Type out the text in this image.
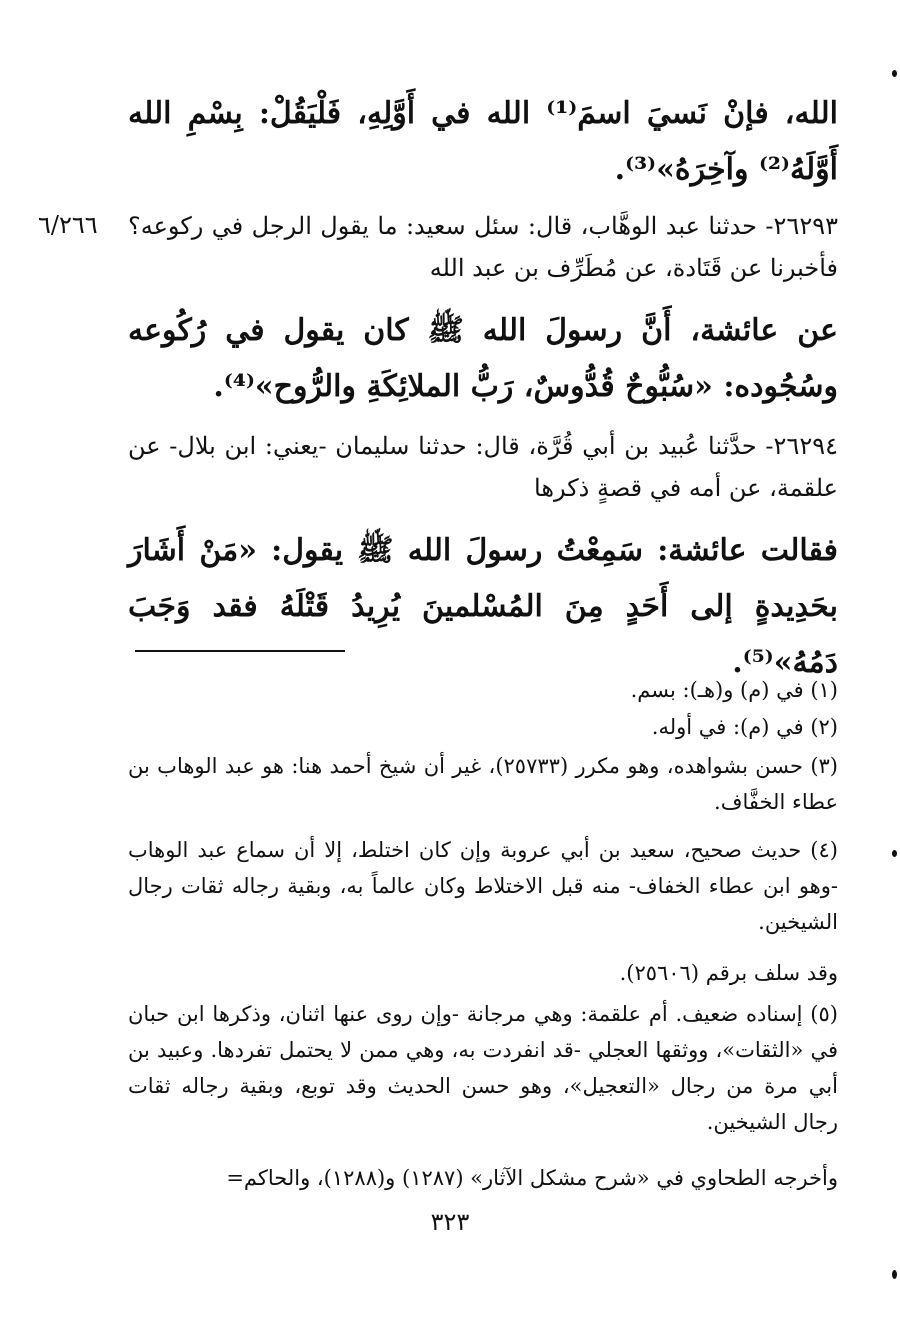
الله، فإنْ نَسيَ اسمَ⁽¹⁾ الله في أَوَّلِهِ، فَلْيَقُلْ: بِسْمِ الله أَوَّلَهُ⁽²⁾ وآخِرَهُ»⁽³⁾.
٦/٢٦٦ ٢٦٢٩٣- حدثنا عبد الوهَّاب، قال: سئل سعيد: ما يقول الرجل في ركوعه؟ فأخبرنا عن قَتَادة، عن مُطَرِّف بن عبد الله
عن عائشة، أَنَّ رسولَ الله ﷺ كان يقول في رُكُوعه وسُجُوده: «سُبُّوحٌ قُدُّوسٌ، رَبُّ الملائِكَةِ والرُّوح»⁽⁴⁾.
٢٦٢٩٤- حدَّثنا عُبيد بن أبي قُرَّة، قال: حدثنا سليمان -يعني: ابن بلال- عن علقمة، عن أمه في قصةٍ ذكرها
فقالت عائشة: سَمِعْتُ رسولَ الله ﷺ يقول: «مَنْ أَشَارَ بحَدِيدةٍ إلى أَحَدٍ مِنَ المُسْلمينَ يُرِيدُ قَتْلَهُ فقد وَجَبَ دَمُهُ»⁽⁵⁾.
(١) في (م) و(هـ): بسم.
(٢) في (م): في أوله.
(٣) حسن بشواهده، وهو مكرر (٢٥٧٣٣)، غير أن شيخ أحمد هنا: هو عبد الوهاب بن عطاء الخفَّاف.
(٤) حديث صحيح، سعيد بن أبي عروبة وإن كان اختلط، إلا أن سماع عبد الوهاب -وهو ابن عطاء الخفاف- منه قبل الاختلاط وكان عالماً به، وبقية رجاله ثقات رجال الشيخين.
وقد سلف برقم (٢٥٦٠٦).
(٥) إسناده ضعيف. أم علقمة: وهي مرجانة -وإن روى عنها اثنان، وذكرها ابن حبان في «الثقات»، ووثقها العجلي -قد انفردت به، وهي ممن لا يحتمل تفردها. وعبيد بن أبي مرة من رجال «التعجيل»، وهو حسن الحديث وقد توبع، وبقية رجاله ثقات رجال الشيخين.
وأخرجه الطحاوي في «شرح مشكل الآثار» (١٢٨٧) و(١٢٨٨)، والحاكم=
٣٢٣
